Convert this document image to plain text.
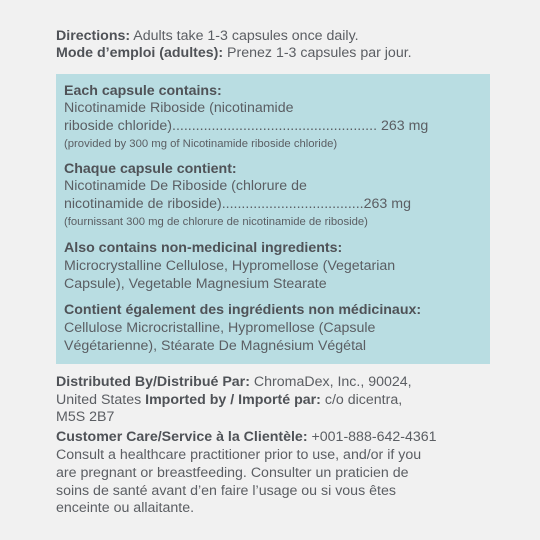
Directions: Adults take 1-3 capsules once daily.
Mode d’emploi (adultes): Prenez 1-3 capsules par jour.
Each capsule contains:
Nicotinamide Riboside (nicotinamide
riboside chloride).................................................... 263 mg
(provided by 300 mg of Nicotinamide riboside chloride)
Chaque capsule contient:
Nicotinamide De Riboside (chlorure de
nicotinamide de riboside)....................................263 mg
(fournissant 300 mg de chlorure de nicotinamide de riboside)
Also contains non-medicinal ingredients:
Microcrystalline Cellulose, Hypromellose (Vegetarian
Capsule), Vegetable Magnesium Stearate
Contient également des ingrédients non médicinaux:
Cellulose Microcristalline, Hypromellose (Capsule
Végétarienne), Stéarate De Magnésium Végétal
Distributed By/Distribué Par: ChromaDex, Inc., 90024,
United States Imported by / Importé par: c/o dicentra,
M5S 2B7
Customer Care/Service à la Clientèle: +001-888-642-4361
Consult a healthcare practitioner prior to use, and/or if you
are pregnant or breastfeeding. Consulter un praticien de
soins de santé avant d’en faire l’usage ou si vous êtes
enceinte ou allaitante.
